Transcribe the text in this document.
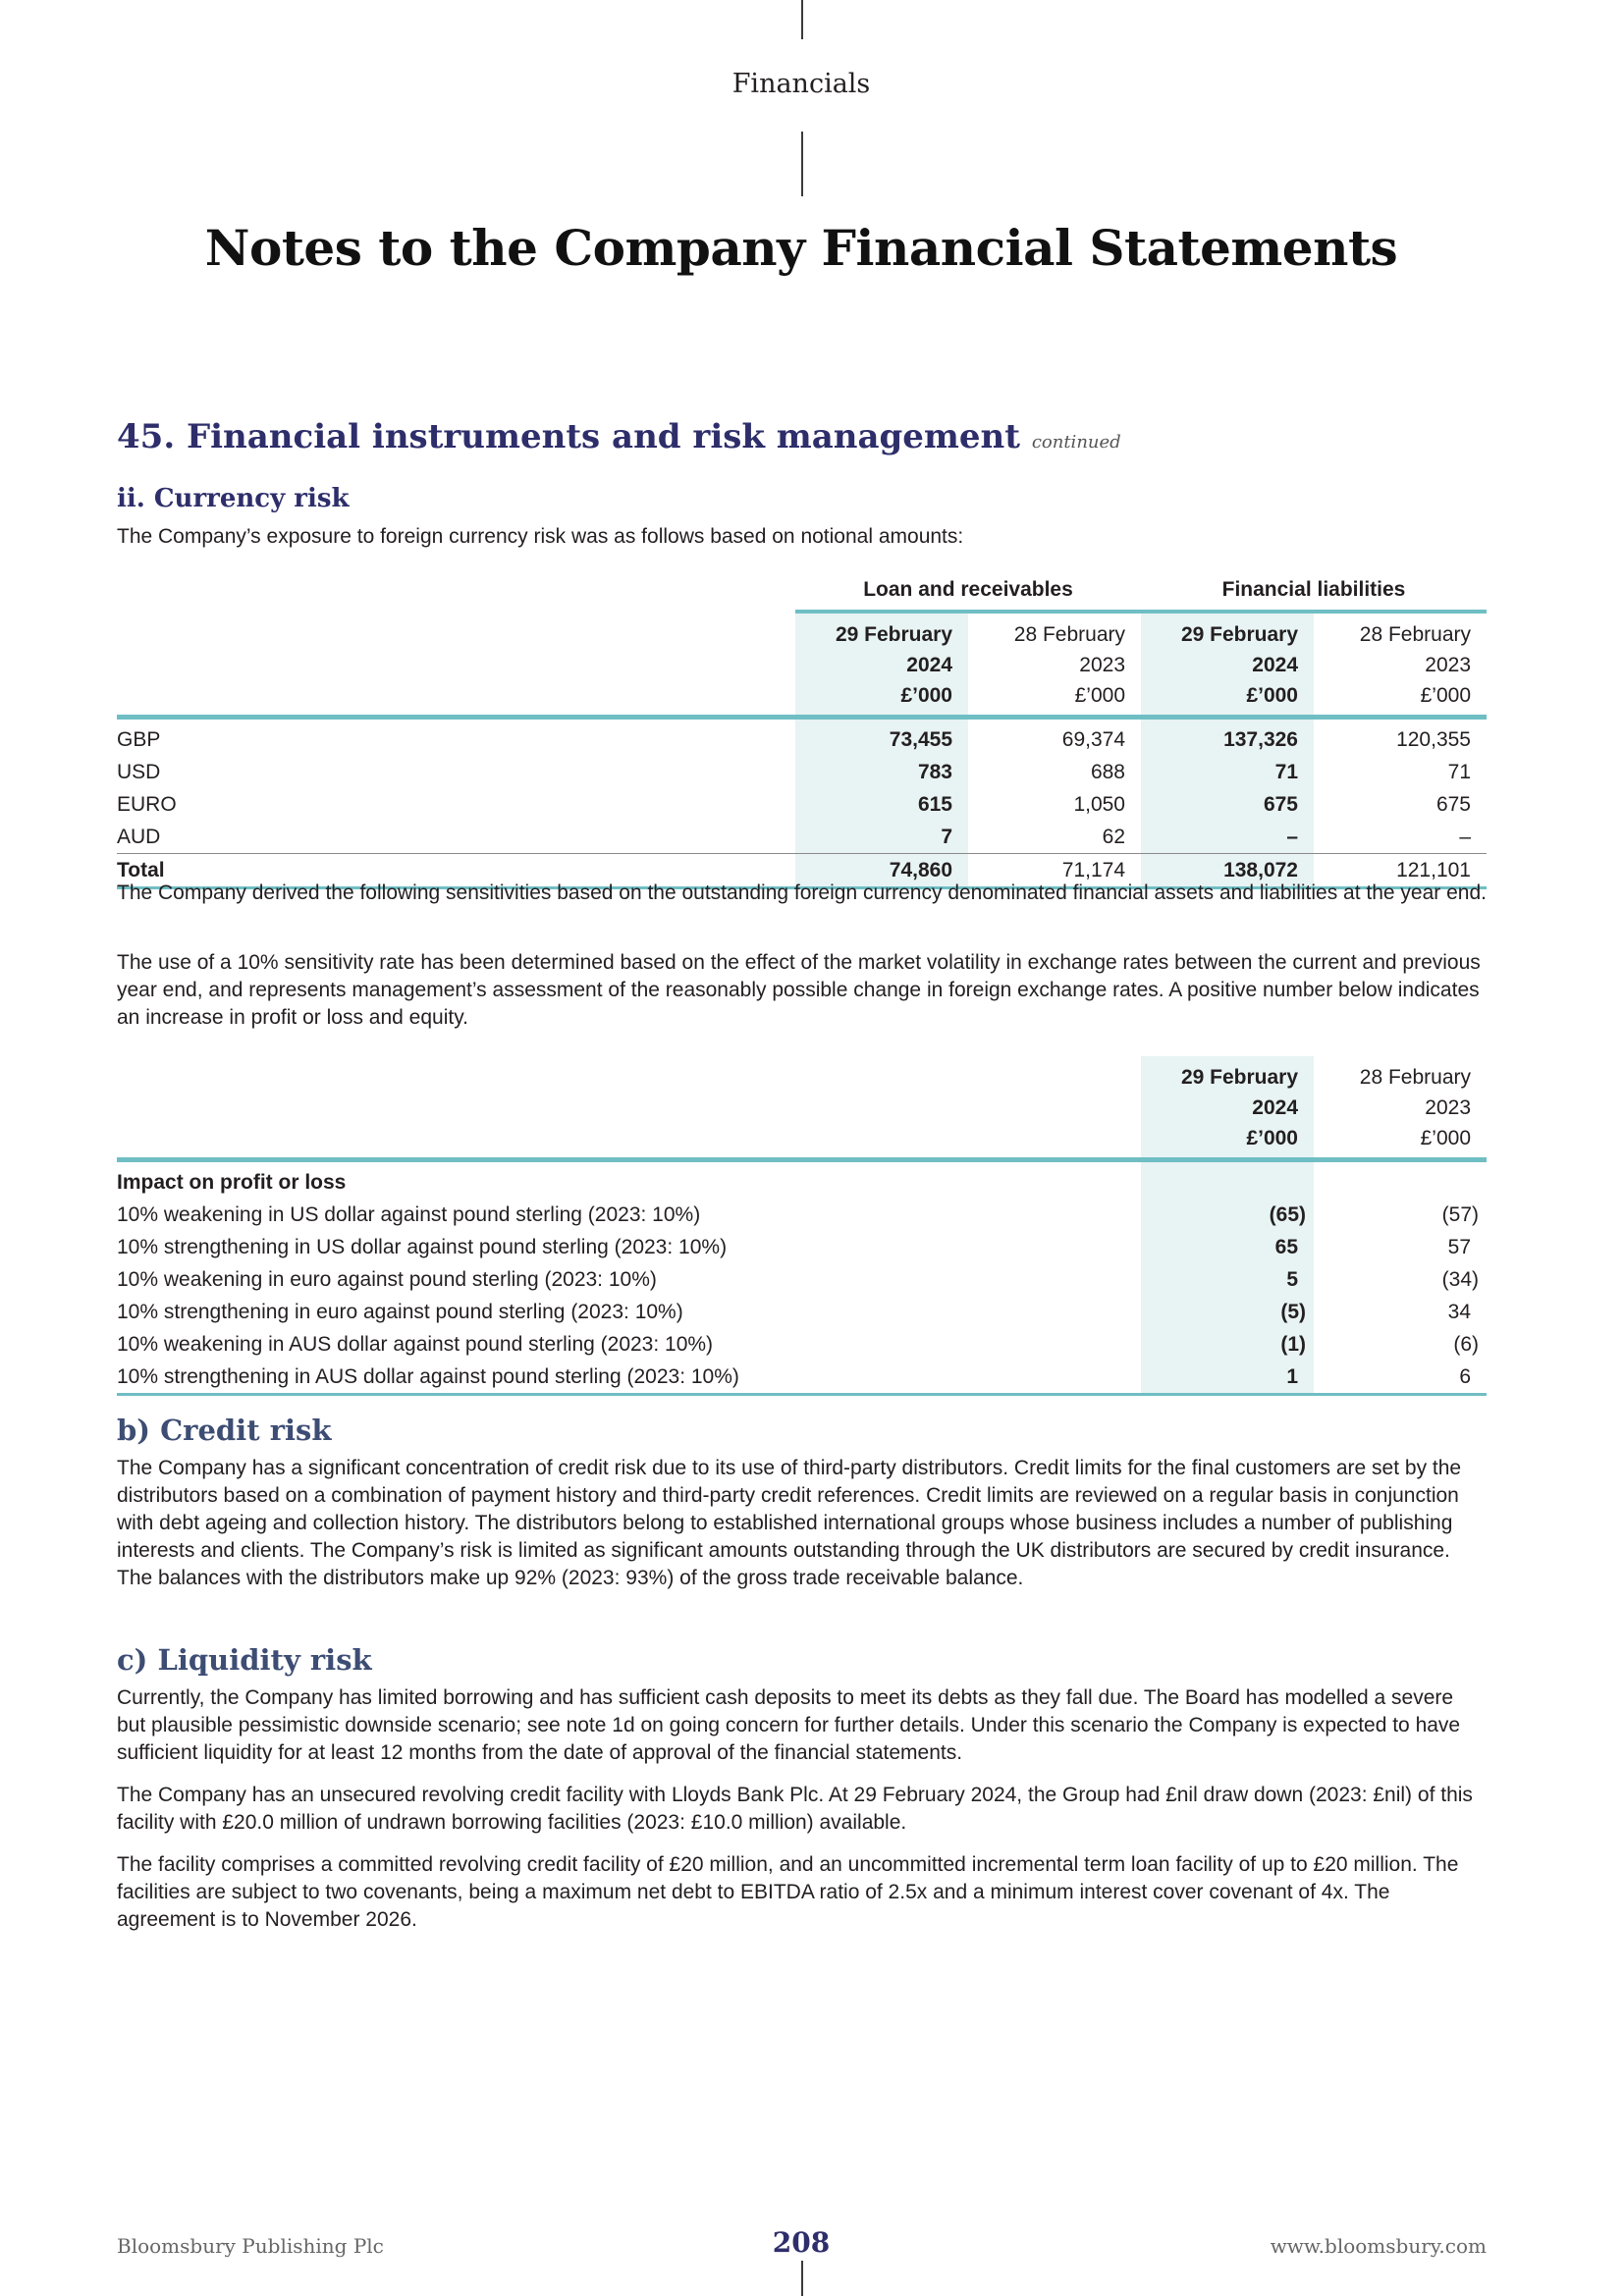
Financials
Notes to the Company Financial Statements
45. Financial instruments and risk management continued
ii. Currency risk

The Company’s exposure to foreign currency risk was as follows based on notional amounts:

	Loan and receivables		Financial liabilities	
	29 February	28 February	29 February	28 February
	2024	2023	2024	2023
	£’000	£’000	£’000	£’000
GBP	73,455	69,374	137,326	120,355
USD	783	688	71	71
EURO	615	1,050	675	675
AUD	7	62	–	–
Total	74,860	71,174	138,072	121,101

The Company derived the following sensitivities based on the outstanding foreign currency denominated financial assets and liabilities at the year end.

The use of a 10% sensitivity rate has been determined based on the effect of the market volatility in exchange rates between the current and previous year end, and represents management’s assessment of the reasonably possible change in foreign exchange rates. A positive number below indicates an increase in profit or loss and equity.

	29 February	28 February
	2024	2023
	£’000	£’000
Impact on profit or loss		
10% weakening in US dollar against pound sterling (2023: 10%)	(65)	(57)
10% strengthening in US dollar against pound sterling (2023: 10%)	65	57
10% weakening in euro against pound sterling (2023: 10%)	5	(34)
10% strengthening in euro against pound sterling (2023: 10%)	(5)	34
10% weakening in AUS dollar against pound sterling (2023: 10%)	(1)	(6)
10% strengthening in AUS dollar against pound sterling (2023: 10%)	1	6
b) Credit risk

The Company has a significant concentration of credit risk due to its use of third-party distributors. Credit limits for the final customers are set by the distributors based on a combination of payment history and third-party credit references. Credit limits are reviewed on a regular basis in conjunction with debt ageing and collection history. The distributors belong to established international groups whose business includes a number of publishing interests and clients. The Company’s risk is limited as significant amounts outstanding through the UK distributors are secured by credit insurance. The balances with the distributors make up 92% (2023: 93%) of the gross trade receivable balance.

c) Liquidity risk

Currently, the Company has limited borrowing and has sufficient cash deposits to meet its debts as they fall due. The Board has modelled a severe but plausible pessimistic downside scenario; see note 1d on going concern for further details. Under this scenario the Company is expected to have sufficient liquidity for at least 12 months from the date of approval of the financial statements.

The Company has an unsecured revolving credit facility with Lloyds Bank Plc. At 29 February 2024, the Group had £nil draw down (2023: £nil) of this facility with £20.0 million of undrawn borrowing facilities (2023: £10.0 million) available.

The facility comprises a committed revolving credit facility of £20 million, and an uncommitted incremental term loan facility of up to £20 million. The facilities are subject to two covenants, being a maximum net debt to EBITDA ratio of 2.5x and a minimum interest cover covenant of 4x. The agreement is to November 2026.

Bloomsbury Publishing Plc	208	www.bloomsbury.com
